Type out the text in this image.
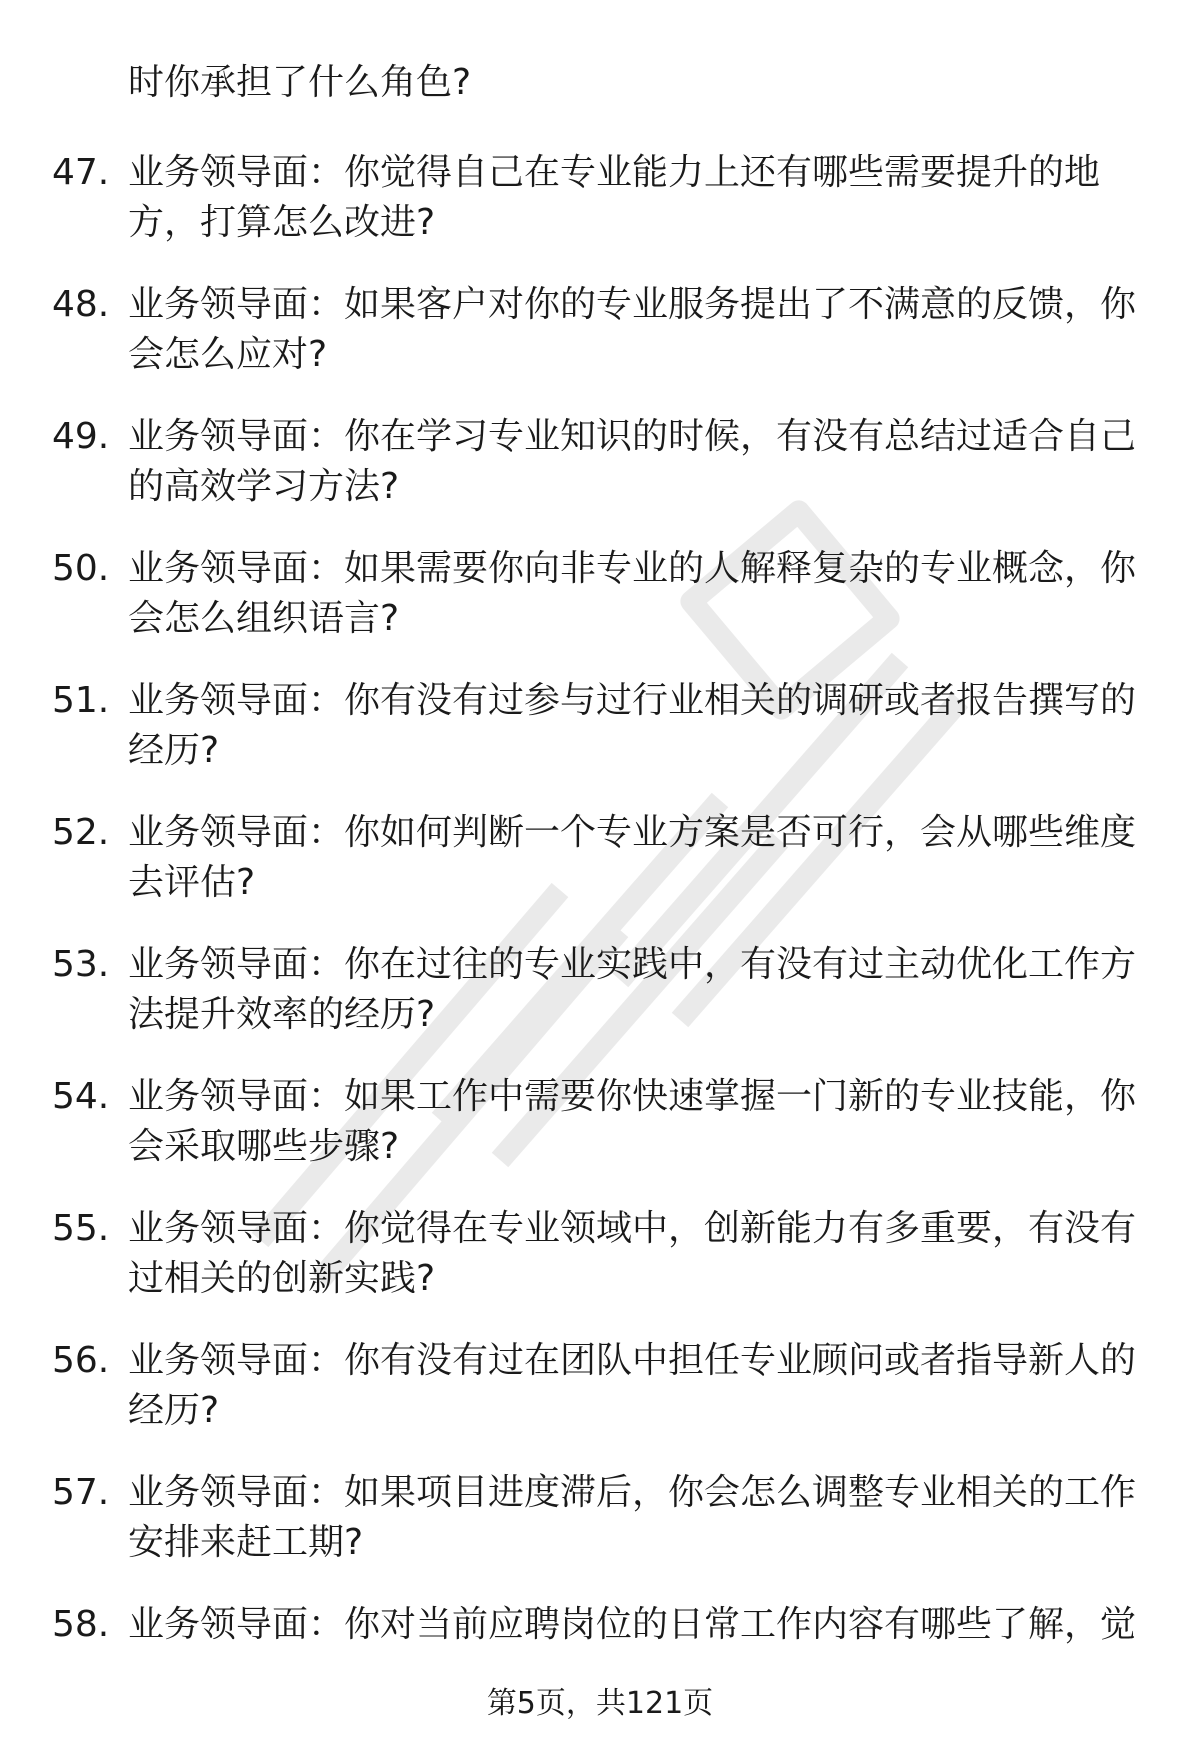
时你承担了什么角色?
47. 业务领导面：你觉得自己在专业能力上还有哪些需要提升的地
方，打算怎么改进?
48. 业务领导面：如果客户对你的专业服务提出了不满意的反馈，你
会怎么应对?
49. 业务领导面：你在学习专业知识的时候，有没有总结过适合自己
的高效学习方法?
50. 业务领导面：如果需要你向非专业的人解释复杂的专业概念，你
会怎么组织语言?
51. 业务领导面：你有没有过参与过行业相关的调研或者报告撰写的
经历?
52. 业务领导面：你如何判断一个专业方案是否可行，会从哪些维度
去评估?
53. 业务领导面：你在过往的专业实践中，有没有过主动优化工作方
法提升效率的经历?
54. 业务领导面：如果工作中需要你快速掌握一门新的专业技能，你
会采取哪些步骤?
55. 业务领导面：你觉得在专业领域中，创新能力有多重要，有没有
过相关的创新实践?
56. 业务领导面：你有没有过在团队中担任专业顾问或者指导新人的
经历?
57. 业务领导面：如果项目进度滞后，你会怎么调整专业相关的工作
安排来赶工期?
58. 业务领导面：你对当前应聘岗位的日常工作内容有哪些了解，觉
第5页，共121页
